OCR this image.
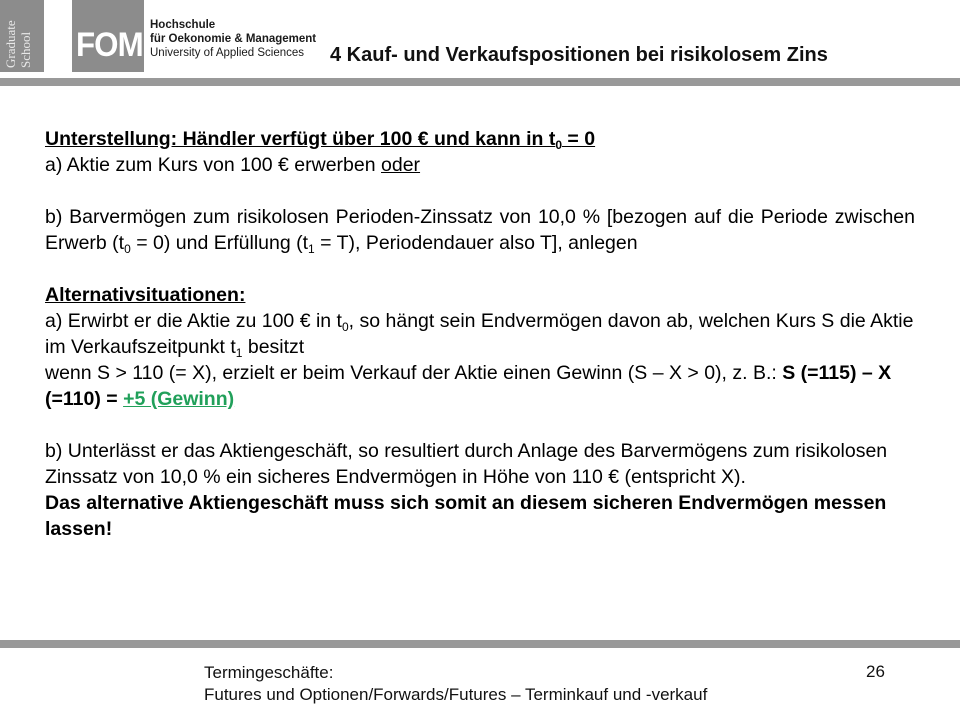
Graduate School FOM
Hochschule
für Oekonomie & Management
University of Applied Sciences	4 Kauf- und Verkaufspositionen bei risikolosem Zins

Unterstellung: Händler verfügt über 100 € und kann in $t_0 = 0$

a) Aktie zum Kurs von 100 € erwerben oder

b) Barvermögen zum risikolosen Perioden-Zinssatz von 10,0 % [bezogen auf die Periode zwischen Erwerb $(t_0 = 0)$ und Erfüllung $(t_1 = T)$, Periodendauer also T], anlegen

Alternativsituationen:

a) Erwirbt er die Aktie zu 100 € in $t_0$, so hängt sein Endvermögen davon ab, welchen Kurs S die Aktie im Verkaufszeitpunkt $t_1$ besitzt

wenn S > 110 (= X), erzielt er beim Verkauf der Aktie einen Gewinn (S – X > 0), z. B.: S (=115) – X (=110) = +5 (Gewinn)

b) Unterlässt er das Aktiengeschäft, so resultiert durch Anlage des Barvermögens zum risikolosen Zinssatz von 10,0 % ein sicheres Endvermögen in Höhe von 110 € (entspricht X).

Das alternative Aktiengeschäft muss sich somit an diesem sicheren Endvermögen messen lassen!

Termingeschäfte:
Futures und Optionen/Forwards/Futures – Terminkauf und -verkauf
26
